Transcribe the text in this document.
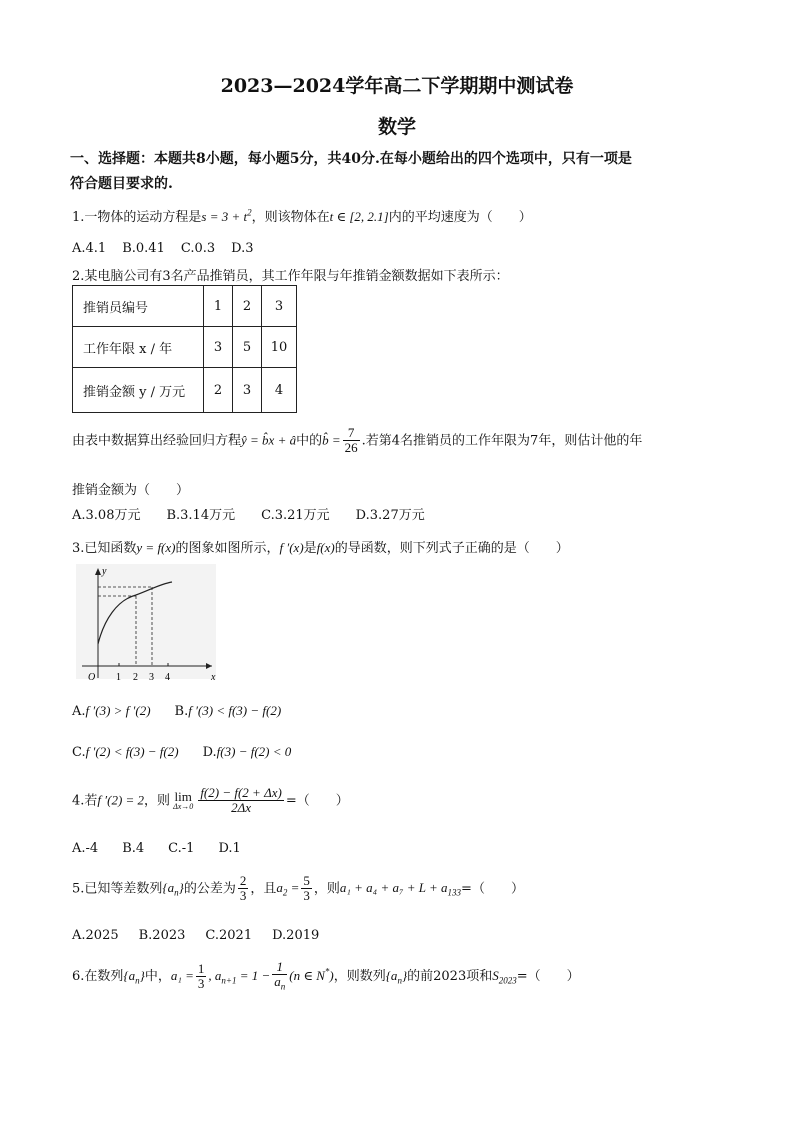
2023—2024学年高二下学期期中测试卷
数学
一、选择题：本题共8小题，每小题5分，共40分.在每小题给出的四个选项中，只有一项是
符合题目要求的.
1.一物体的运动方程是$s = 3 + t^2$，则该物体在t ∈ [2, 2.1]内的平均速度为（　　）
A.4.1 B.0.41 C.0.3 D.3
2.某电脑公司有3名产品推销员，其工作年限与年推销金额数据如下表所示：
推销员编号	1	2	3
工作年限 x / 年	3	5	10
推销金额 y / 万元	2	3	4
由表中数据算出经验回归方程ŷ = b̂x + â中的b̂ = $\frac{7}{26}$ .若第4名推销员的工作年限为7年，则估计他的年
推销金额为（　　）
A.3.08万元 B.3.14万元 C.3.21万元 D.3.27万元
3.已知函数y = f(x)的图象如图所示，f ′(x)是f(x)的导函数，则下列式子正确的是（　　）
O
y
x
1 2 3 4
A.f ′(3) > f ′(2) B.f ′(3) < f(3) − f(2)
C.f ′(2) < f(3) − f(2) D.f(3) − f(2) < 0
4.若f ′(2) = 2，则 lim
$\Delta x\to 0 \frac{f(2) - f(2 + \Delta x)}{2\Delta x}$ =（　　）
A.-4 B.4 C.-1 D.1
5.已知等差数列$\{a_n\}$的公差为 $\frac{2}{3}$ ，且$a_2 = \frac{5}{3}$ ，则$a_1 + a_4 + a_7 + L + a_{133}=$（　　）
A.2025 B.2023 C.2021 D.2019
6.在数列$\{a_n\}$中，$a_1 = \frac{1}{3}$ , $a_{n+1} = 1 - \frac{1}{a_n} (n$ ∈ N*)，则数列$\{a_n\}$的前2023项和$S_{2023}=$（　　）
